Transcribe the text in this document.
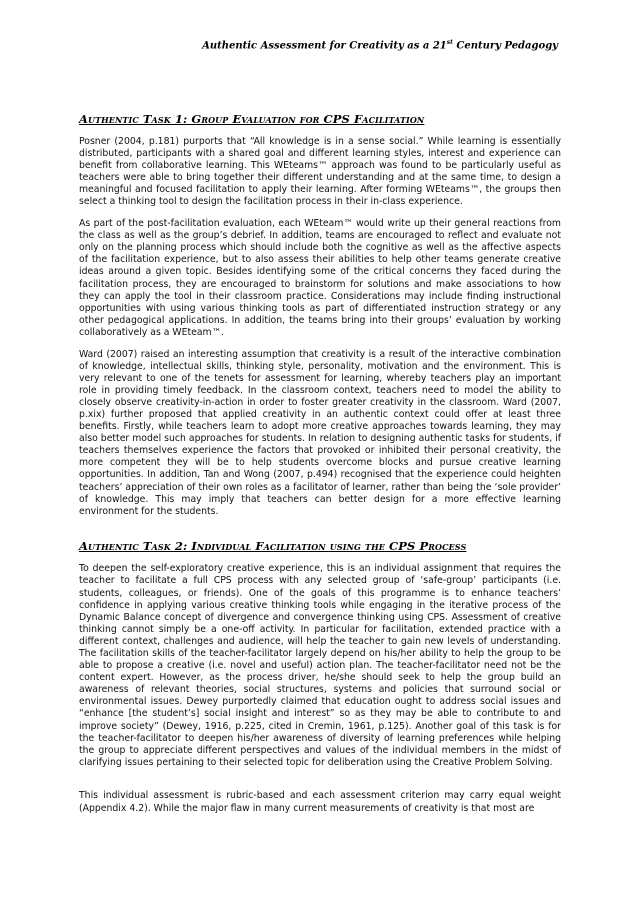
Authentic Assessment for Creativity as a 21st Century Pedagogy
Authentic Task 1: Group Evaluation for CPS Facilitation

Posner (2004, p.181) purports that “All knowledge is in a sense social.” While learning is essentially distributed, participants with a shared goal and different learning styles, interest and experience can benefit from collaborative learning. This WEteams™ approach was found to be particularly useful as teachers were able to bring together their different understanding and at the same time, to design a meaningful and focused facilitation to apply their learning. After forming WEteams™, the groups then select a thinking tool to design the facilitation process in their in-class experience.

As part of the post-facilitation evaluation, each WEteam™ would write up their general reactions from the class as well as the group’s debrief. In addition, teams are encouraged to reflect and evaluate not only on the planning process which should include both the cognitive as well as the affective aspects of the facilitation experience, but to also assess their abilities to help other teams generate creative ideas around a given topic. Besides identifying some of the critical concerns they faced during the facilitation process, they are encouraged to brainstorm for solutions and make associations to how they can apply the tool in their classroom practice. Considerations may include finding instructional opportunities with using various thinking tools as part of differentiated instruction strategy or any other pedagogical applications. In addition, the teams bring into their groups’ evaluation by working collaboratively as a WEteam™.

Ward (2007) raised an interesting assumption that creativity is a result of the interactive combination of knowledge, intellectual skills, thinking style, personality, motivation and the environment. This is very relevant to one of the tenets for assessment for learning, whereby teachers play an important role in providing timely feedback. In the classroom context, teachers need to model the ability to closely observe creativity-in-action in order to foster greater creativity in the classroom. Ward (2007, p.xix) further proposed that applied creativity in an authentic context could offer at least three benefits. Firstly, while teachers learn to adopt more creative approaches towards learning, they may also better model such approaches for students. In relation to designing authentic tasks for students, if teachers themselves experience the factors that provoked or inhibited their personal creativity, the more competent they will be to help students overcome blocks and pursue creative learning opportunities. In addition, Tan and Wong (2007, p.494) recognised that the experience could heighten teachers’ appreciation of their own roles as a facilitator of learner, rather than being the ‘sole provider’ of knowledge. This may imply that teachers can better design for a more effective learning environment for the students.

Authentic Task 2: Individual Facilitation using the CPS Process

To deepen the self-exploratory creative experience, this is an individual assignment that requires the teacher to facilitate a full CPS process with any selected group of ‘safe-group’ participants (i.e. students, colleagues, or friends). One of the goals of this programme is to enhance teachers’ confidence in applying various creative thinking tools while engaging in the iterative process of the Dynamic Balance concept of divergence and convergence thinking using CPS. Assessment of creative thinking cannot simply be a one-off activity. In particular for facilitation, extended practice with a different context, challenges and audience, will help the teacher to gain new levels of understanding. The facilitation skills of the teacher-facilitator largely depend on his/her ability to help the group to be able to propose a creative (i.e. novel and useful) action plan. The teacher-facilitator need not be the content expert. However, as the process driver, he/she should seek to help the group build an awareness of relevant theories, social structures, systems and policies that surround social or environmental issues. Dewey purportedly claimed that education ought to address social issues and “enhance [the student’s] social insight and interest” so as they may be able to contribute to and improve society” (Dewey, 1916, p.225, cited in Cremin, 1961, p.125). Another goal of this task is for the teacher-facilitator to deepen his/her awareness of diversity of learning preferences while helping the group to appreciate different perspectives and values of the individual members in the midst of clarifying issues pertaining to their selected topic for deliberation using the Creative Problem Solving.

This individual assessment is rubric-based and each assessment criterion may carry equal weight (Appendix 4.2). While the major flaw in many current measurements of creativity is that most are
